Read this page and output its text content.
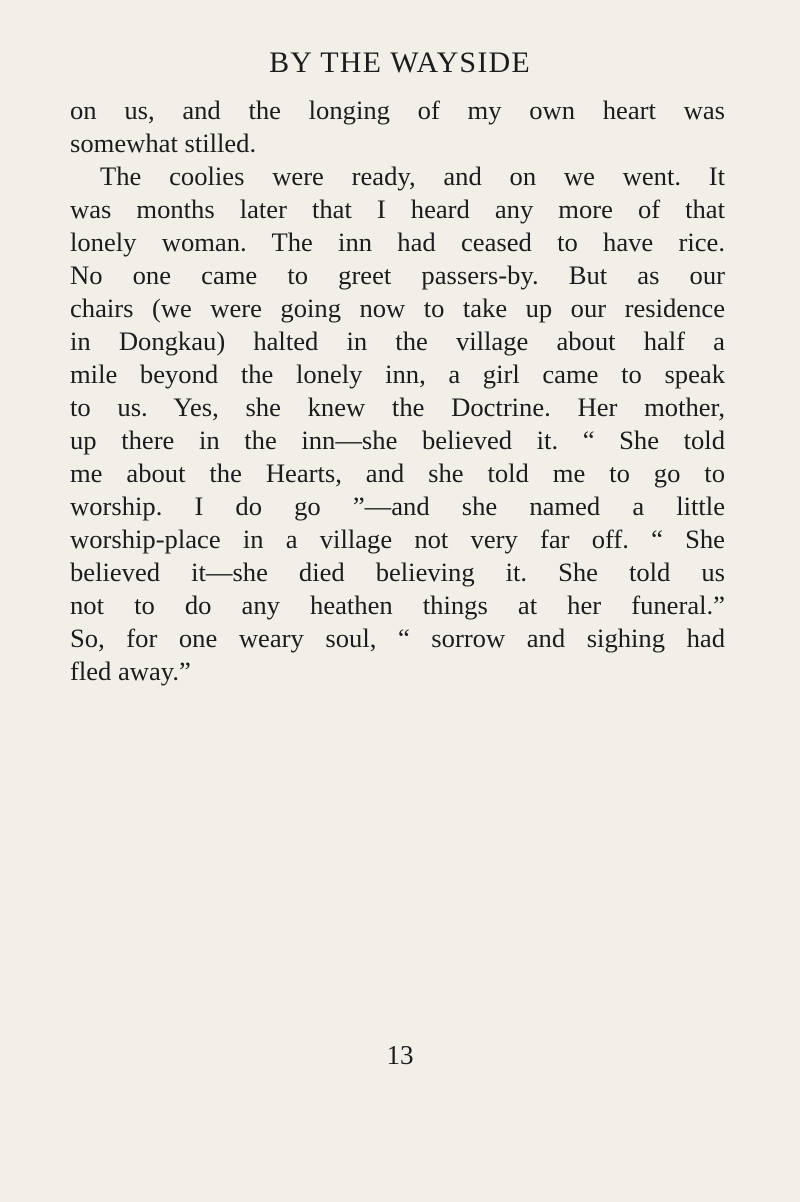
BY THE WAYSIDE
on us, and the longing of my own heart was
somewhat stilled.
The coolies were ready, and on we went. It
was months later that I heard any more of that
lonely woman. The inn had ceased to have rice.
No one came to greet passers-by. But as our
chairs (we were going now to take up our residence
in Dongkau) halted in the village about half a
mile beyond the lonely inn, a girl came to speak
to us. Yes, she knew the Doctrine. Her mother,
up there in the inn—she believed it. “ She told
me about the Hearts, and she told me to go to
worship. I do go ”—and she named a little
worship-place in a village not very far off. “ She
believed it—she died believing it. She told us
not to do any heathen things at her funeral.”
So, for one weary soul, “ sorrow and sighing had
fled away.”

13
